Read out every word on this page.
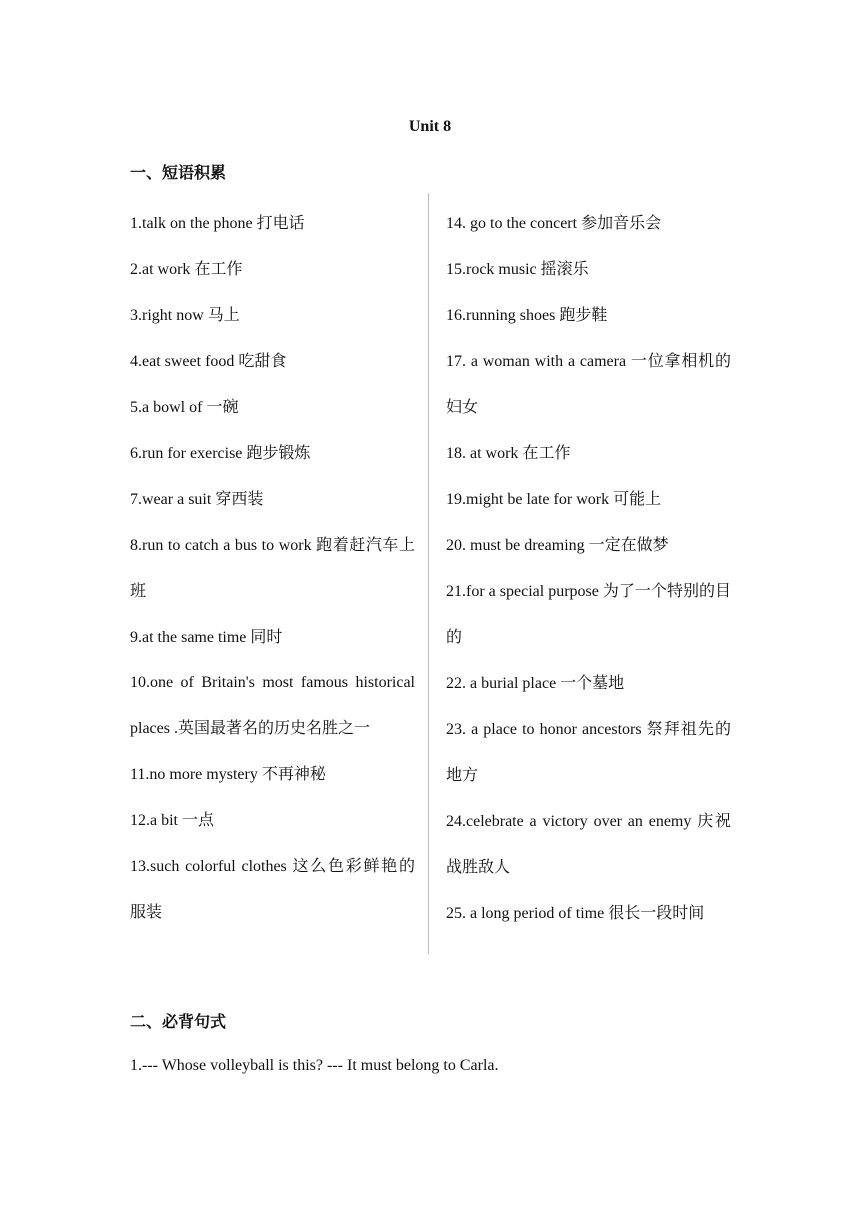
Unit 8
一、短语积累
1.talk on the phone 打电话
2.at work 在工作
3.right now 马上
4.eat sweet food 吃甜食
5.a bowl of 一碗
6.run for exercise 跑步锻炼
7.wear a suit 穿西装
8.run to catch a bus to work 跑着赶汽车上班
9.at the same time 同时
10.one of Britain's most famous historical places .英国最著名的历史名胜之一
11.no more mystery 不再神秘
12.a bit 一点
13.such colorful clothes 这么色彩鲜艳的服装
14. go to the concert 参加音乐会
15.rock music 摇滚乐
16.running shoes 跑步鞋
17. a woman with a camera 一位拿相机的妇女
18. at work 在工作
19.might be late for work 可能上
20. must be dreaming 一定在做梦
21.for a special purpose 为了一个特别的目的
22. a burial place 一个墓地
23. a place to honor ancestors 祭拜祖先的地方
24.celebrate a victory over an enemy 庆祝战胜敌人
25. a long period of time 很长一段时间
二、必背句式
1.--- Whose volleyball is this? --- It must belong to Carla.
